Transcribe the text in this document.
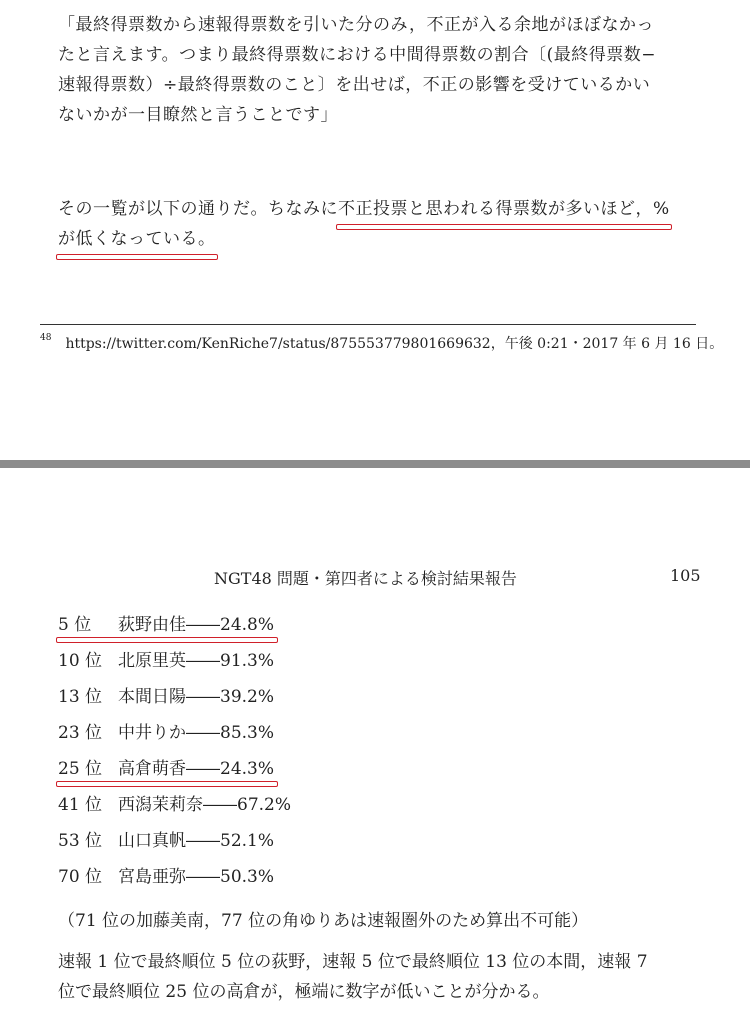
「最終得票数から速報得票数を引いた分のみ，不正が入る余地がほぼなかっ
たと言えます。つまり最終得票数における中間得票数の割合〔(最終得票数−
速報得票数）÷最終得票数のこと〕を出せば，不正の影響を受けているかい
ないかが一目瞭然と言うことです」
その一覧が以下の通りだ。ちなみに不正投票と思われる得票数が多いほど，%
が低くなっている。
$^{48}$ https://twitter.com/KenRiche7/status/875553779801669632，午後 0:21・2017 年 6 月 16 日。
NGT48 問題・第四者による検討結果報告	105
5 位 荻野由佳――24.8%
10 位 北原里英――91.3%
13 位 本間日陽――39.2%
23 位 中井りか――85.3%
25 位 高倉萌香――24.3%
41 位 西潟茉莉奈――67.2%
53 位 山口真帆――52.1%
70 位 宮島亜弥――50.3%
（71 位の加藤美南，77 位の角ゆりあは速報圏外のため算出不可能）
速報 1 位で最終順位 5 位の荻野，速報 5 位で最終順位 13 位の本間，速報 7
位で最終順位 25 位の高倉が，極端に数字が低いことが分かる。
